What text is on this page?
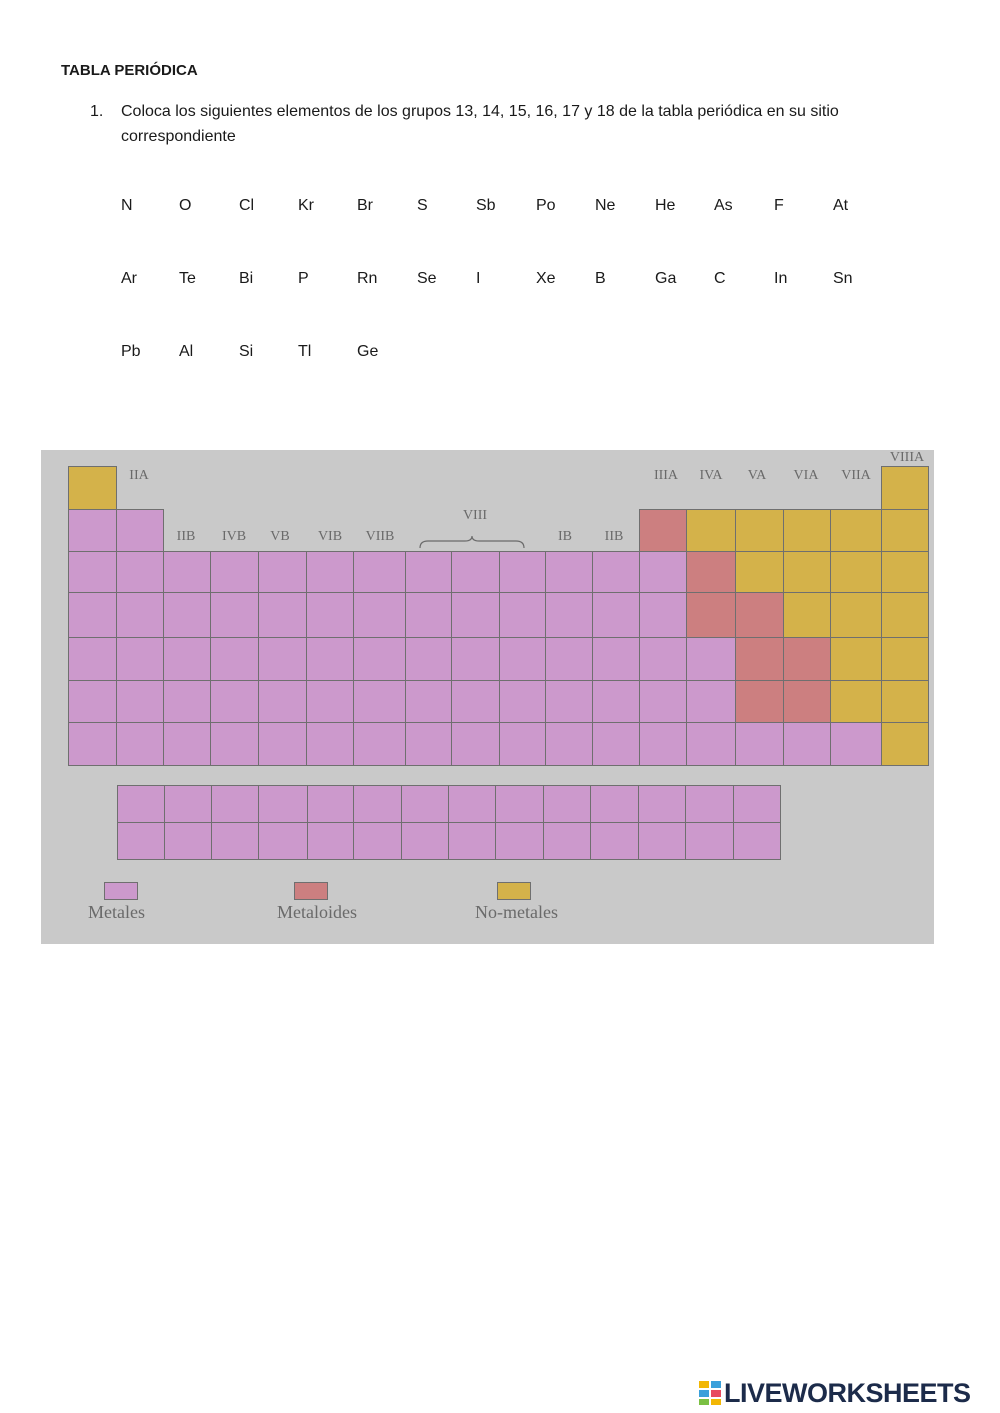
TABLA PERIÓDICA
1. Coloca los siguientes elementos de los grupos 13, 14, 15, 16, 17 y 18 de la tabla periódica en su sitio correspondiente
N	O	Cl	Kr	Br	S	Sb	Po Ne He As	F	At
Ar	Te	Bi	P	Rn Se I	Xe B	Ga C	In	Sn
Pb Al	Si	Tl	Ge
IIA
IIB	IVB	VB	VIB	VIIB
VIII
IB	IIB
IIIA	IVA	VA	VIA	VIIA
VIIIA
Metales	Metaloides	No-metales
LIVEWORKSHEETS
